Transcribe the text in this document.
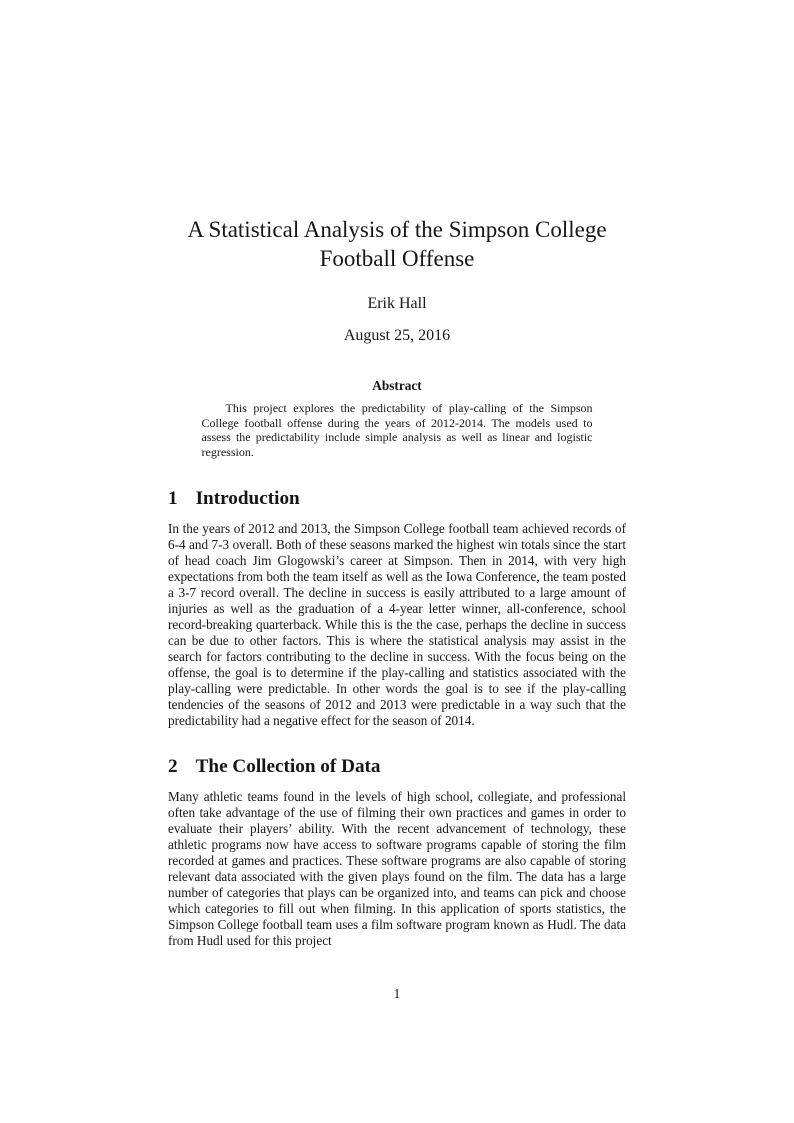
A Statistical Analysis of the Simpson College
Football Offense
Erik Hall
August 25, 2016
Abstract

This project explores the predictability of play-calling of the Simpson College football offense during the years of 2012-2014. The models used to assess the predictability include simple analysis as well as linear and logistic regression.

1 Introduction

In the years of 2012 and 2013, the Simpson College football team achieved records of 6-4 and 7-3 overall. Both of these seasons marked the highest win totals since the start of head coach Jim Glogowski’s career at Simpson. Then in 2014, with very high expectations from both the team itself as well as the Iowa Conference, the team posted a 3-7 record overall. The decline in success is easily attributed to a large amount of injuries as well as the graduation of a 4-year letter winner, all-conference, school record-breaking quarterback. While this is the the case, perhaps the decline in success can be due to other factors. This is where the statistical analysis may assist in the search for factors contributing to the decline in success. With the focus being on the offense, the goal is to determine if the play-calling and statistics associated with the play-calling were predictable. In other words the goal is to see if the play-calling tendencies of the seasons of 2012 and 2013 were predictable in a way such that the predictability had a negative effect for the season of 2014.

2 The Collection of Data

Many athletic teams found in the levels of high school, collegiate, and professional often take advantage of the use of filming their own practices and games in order to evaluate their players’ ability. With the recent advancement of technology, these athletic programs now have access to software programs capable of storing the film recorded at games and practices. These software programs are also capable of storing relevant data associated with the given plays found on the film. The data has a large number of categories that plays can be organized into, and teams can pick and choose which categories to fill out when filming. In this application of sports statistics, the Simpson College football team uses a film software program known as Hudl. The data from Hudl used for this project

1
